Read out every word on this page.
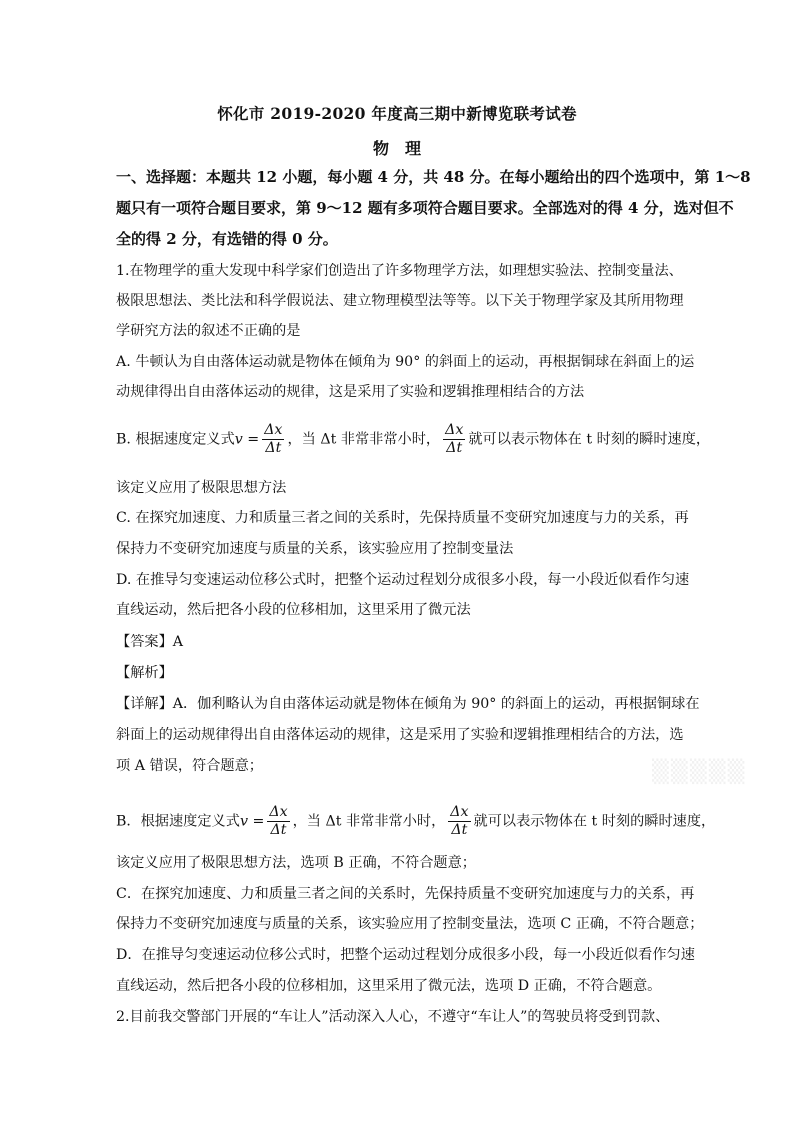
怀化市 2019-2020 年度高三期中新博览联考试卷
物　理
一、选择题：本题共 12 小题，每小题 4 分，共 48 分。在每小题给出的四个选项中，第 1～8
题只有一项符合题目要求，第 9～12 题有多项符合题目要求。全部选对的得 4 分，选对但不
全的得 2 分，有选错的得 0 分。
1.在物理学的重大发现中科学家们创造出了许多物理学方法，如理想实验法、控制变量法、
极限思想法、类比法和科学假说法、建立物理模型法等等。以下关于物理学家及其所用物理
学研究方法的叙述不正确的是
A. 牛顿认为自由落体运动就是物体在倾角为 90° 的斜面上的运动，再根据铜球在斜面上的运
动规律得出自由落体运动的规律，这是采用了实验和逻辑推理相结合的方法
B. 根据速度定义式$v = \frac{\Delta x}{\Delta t}$ ，当 Δt 非常非常小时， $\frac{\Delta x}{\Delta t}$ 就可以表示物体在 t 时刻的瞬时速度，
该定义应用了极限思想方法
C. 在探究加速度、力和质量三者之间的关系时，先保持质量不变研究加速度与力的关系，再
保持力不变研究加速度与质量的关系，该实验应用了控制变量法
D. 在推导匀变速运动位移公式时，把整个运动过程划分成很多小段，每一小段近似看作匀速
直线运动，然后把各小段的位移相加，这里采用了微元法
【答案】A
【解析】
【详解】A．伽利略认为自由落体运动就是物体在倾角为 90° 的斜面上的运动，再根据铜球在
斜面上的运动规律得出自由落体运动的规律，这是采用了实验和逻辑推理相结合的方法，选
项 A 错误，符合题意；
B．根据速度定义式$v = \frac{\Delta x}{\Delta t}$ ，当 Δt 非常非常小时， $\frac{\Delta x}{\Delta t}$ 就可以表示物体在 t 时刻的瞬时速度，
该定义应用了极限思想方法，选项 B 正确，不符合题意；
C．在探究加速度、力和质量三者之间的关系时，先保持质量不变研究加速度与力的关系，再
保持力不变研究加速度与质量的关系，该实验应用了控制变量法，选项 C 正确，不符合题意；
D．在推导匀变速运动位移公式时，把整个运动过程划分成很多小段，每一小段近似看作匀速
直线运动，然后把各小段的位移相加，这里采用了微元法，选项 D 正确，不符合题意。
2.目前我交警部门开展的“车让人”活动深入人心，不遵守“车让人”的驾驶员将受到罚款、
▒▒▒▒▒
